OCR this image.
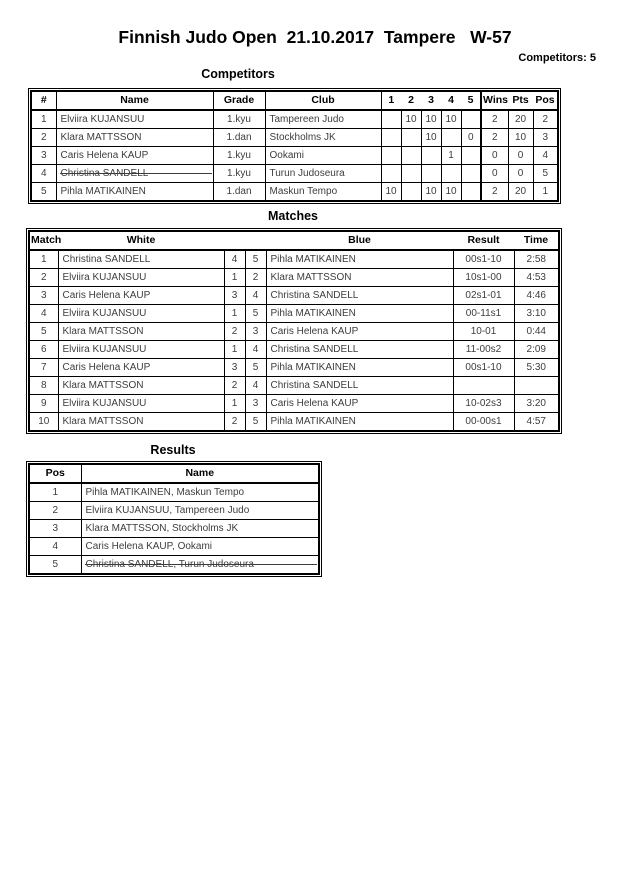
Finnish Judo Open  21.10.2017  Tampere   W-57
Competitors: 5
Competitors
#	Name	Grade	Club	1	2	3	4	5	Wins	Pts	Pos
1	Elviira KUJANSUU	1.kyu	Tampereen Judo		10	10	10		2	20	2
2	Klara MATTSSON	1.dan	Stockholms JK			10		0	2	10	3
3	Caris Helena KAUP	1.kyu	Ookami				1		0	0	4
4	Christina SANDELL	1.kyu	Turun Judoseura						0	0	5
5	Pihla MATIKAINEN	1.dan	Maskun Tempo	10		10	10		2	20	1
Matches
Match	White			Blue	Result	Time
1	Christina SANDELL	4	5	Pihla MATIKAINEN	00s1-10	2:58
2	Elviira KUJANSUU	1	2	Klara MATTSSON	10s1-00	4:53
3	Caris Helena KAUP	3	4	Christina SANDELL	02s1-01	4:46
4	Elviira KUJANSUU	1	5	Pihla MATIKAINEN	00-11s1	3:10
5	Klara MATTSSON	2	3	Caris Helena KAUP	10-01	0:44
6	Elviira KUJANSUU	1	4	Christina SANDELL	11-00s2	2:09
7	Caris Helena KAUP	3	5	Pihla MATIKAINEN	00s1-10	5:30
8	Klara MATTSSON	2	4	Christina SANDELL		
9	Elviira KUJANSUU	1	3	Caris Helena KAUP	10-02s3	3:20
10	Klara MATTSSON	2	5	Pihla MATIKAINEN	00-00s1	4:57
Results
Pos	Name
1	Pihla MATIKAINEN, Maskun Tempo
2	Elviira KUJANSUU, Tampereen Judo
3	Klara MATTSSON, Stockholms JK
4	Caris Helena KAUP, Ookami
5	Christina SANDELL, Turun Judoseura
